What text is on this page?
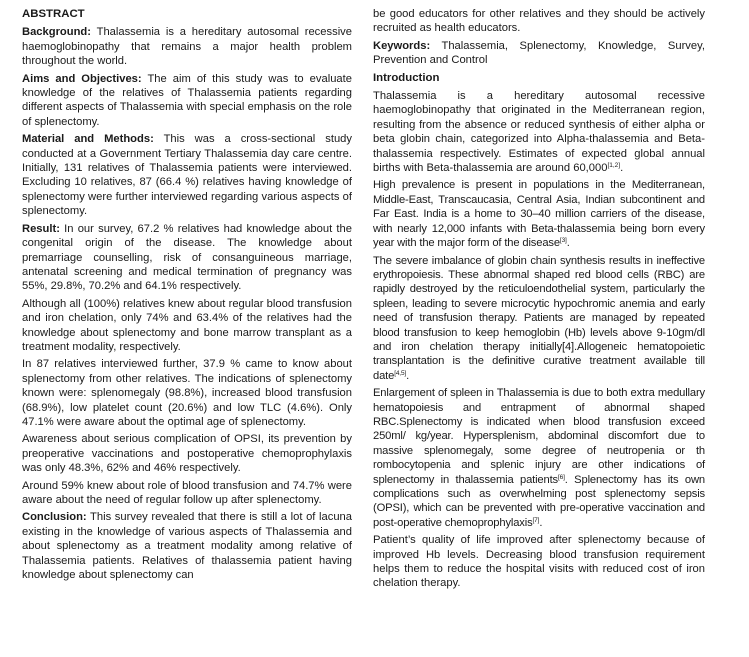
ABSTRACT

Background: Thalassemia is a hereditary autosomal recessive haemoglobinopathy that remains a major health problem throughout the world.

Aims and Objectives: The aim of this study was to evaluate knowledge of the relatives of Thalassemia patients regarding different aspects of Thalassemia with special emphasis on the role of splenectomy.

Material and Methods: This was a cross-sectional study conducted at a Government Tertiary Thalassemia day care centre. Initially, 131 relatives of Thalassemia patients were interviewed. Excluding 10 relatives, 87 (66.4 %) relatives having knowledge of splenectomy were further interviewed regarding various aspects of splenectomy.

Result: In our survey, 67.2 % relatives had knowledge about the congenital origin of the disease. The knowledge about premarriage counselling, risk of consanguineous marriage, antenatal screening and medical termination of pregnancy was 55%, 29.8%, 70.2% and 64.1% respectively.

Although all (100%) relatives knew about regular blood transfusion and iron chelation, only 74% and 63.4% of the relatives had the knowledge about splenectomy and bone marrow transplant as a treatment modality, respectively.

In 87 relatives interviewed further, 37.9 % came to know about splenectomy from other relatives. The indications of splenectomy known were: splenomegaly (98.8%), increased blood transfusion (68.9%), low platelet count (20.6%) and low TLC (4.6%). Only 47.1% were aware about the optimal age of splenectomy.

Awareness about serious complication of OPSI, its prevention by preoperative vaccinations and postoperative chemoprophylaxis was only 48.3%, 62% and 46% respectively.

Around 59% knew about role of blood transfusion and 74.7% were aware about the need of regular follow up after splenectomy.

Conclusion: This survey revealed that there is still a lot of lacuna existing in the knowledge of various aspects of Thalassemia and about splenectomy as a treatment modality among relative of Thalassemia patients. Relatives of thalassemia patient having knowledge about splenectomy can

be good educators for other relatives and they should be actively recruited as health educators.

Keywords: Thalassemia, Splenectomy, Knowledge, Survey, Prevention and Control

Introduction

Thalassemia is a hereditary autosomal recessive haemoglobinopathy that originated in the Mediterranean region, resulting from the absence or reduced synthesis of either alpha or beta globin chain, categorized into Alpha-thalassemia and Beta-thalassemia respectively. Estimates of expected global annual births with Beta-thalassemia are around 60,000[1,2].

High prevalence is present in populations in the Mediterranean, Middle-East, Transcaucasia, Central Asia, Indian subcontinent and Far East. India is a home to 30–40 million carriers of the disease, with nearly 12,000 infants with Beta-thalassemia being born every year with the major form of the disease[3].

The severe imbalance of globin chain synthesis results in ineffective erythropoiesis. These abnormal shaped red blood cells (RBC) are rapidly destroyed by the reticuloendothelial system, particularly the spleen, leading to severe microcytic hypochromic anemia and early need of transfusion therapy. Patients are managed by repeated blood transfusion to keep hemoglobin (Hb) levels above 9-10gm/dl and iron chelation therapy initially[4].Allogeneic hematopoietic transplantation is the definitive curative treatment available till date[4,5].

Enlargement of spleen in Thalassemia is due to both extra medullary hematopoiesis and entrapment of abnormal shaped RBC.Splenectomy is indicated when blood transfusion exceed 250ml/ kg/year. Hypersplenism, abdominal discomfort due to massive splenomegaly, some degree of neutropenia or th rombocytopenia and splenic injury are other indications of splenectomy in thalassemia patients[6]. Splenectomy has its own complications such as overwhelming post splenectomy sepsis (OPSI), which can be prevented with pre-operative vaccination and post-operative chemoprophylaxis[7].

Patient’s quality of life improved after splenectomy because of improved Hb levels. Decreasing blood transfusion requirement helps them to reduce the hospital visits with reduced cost of iron chelation therapy.
